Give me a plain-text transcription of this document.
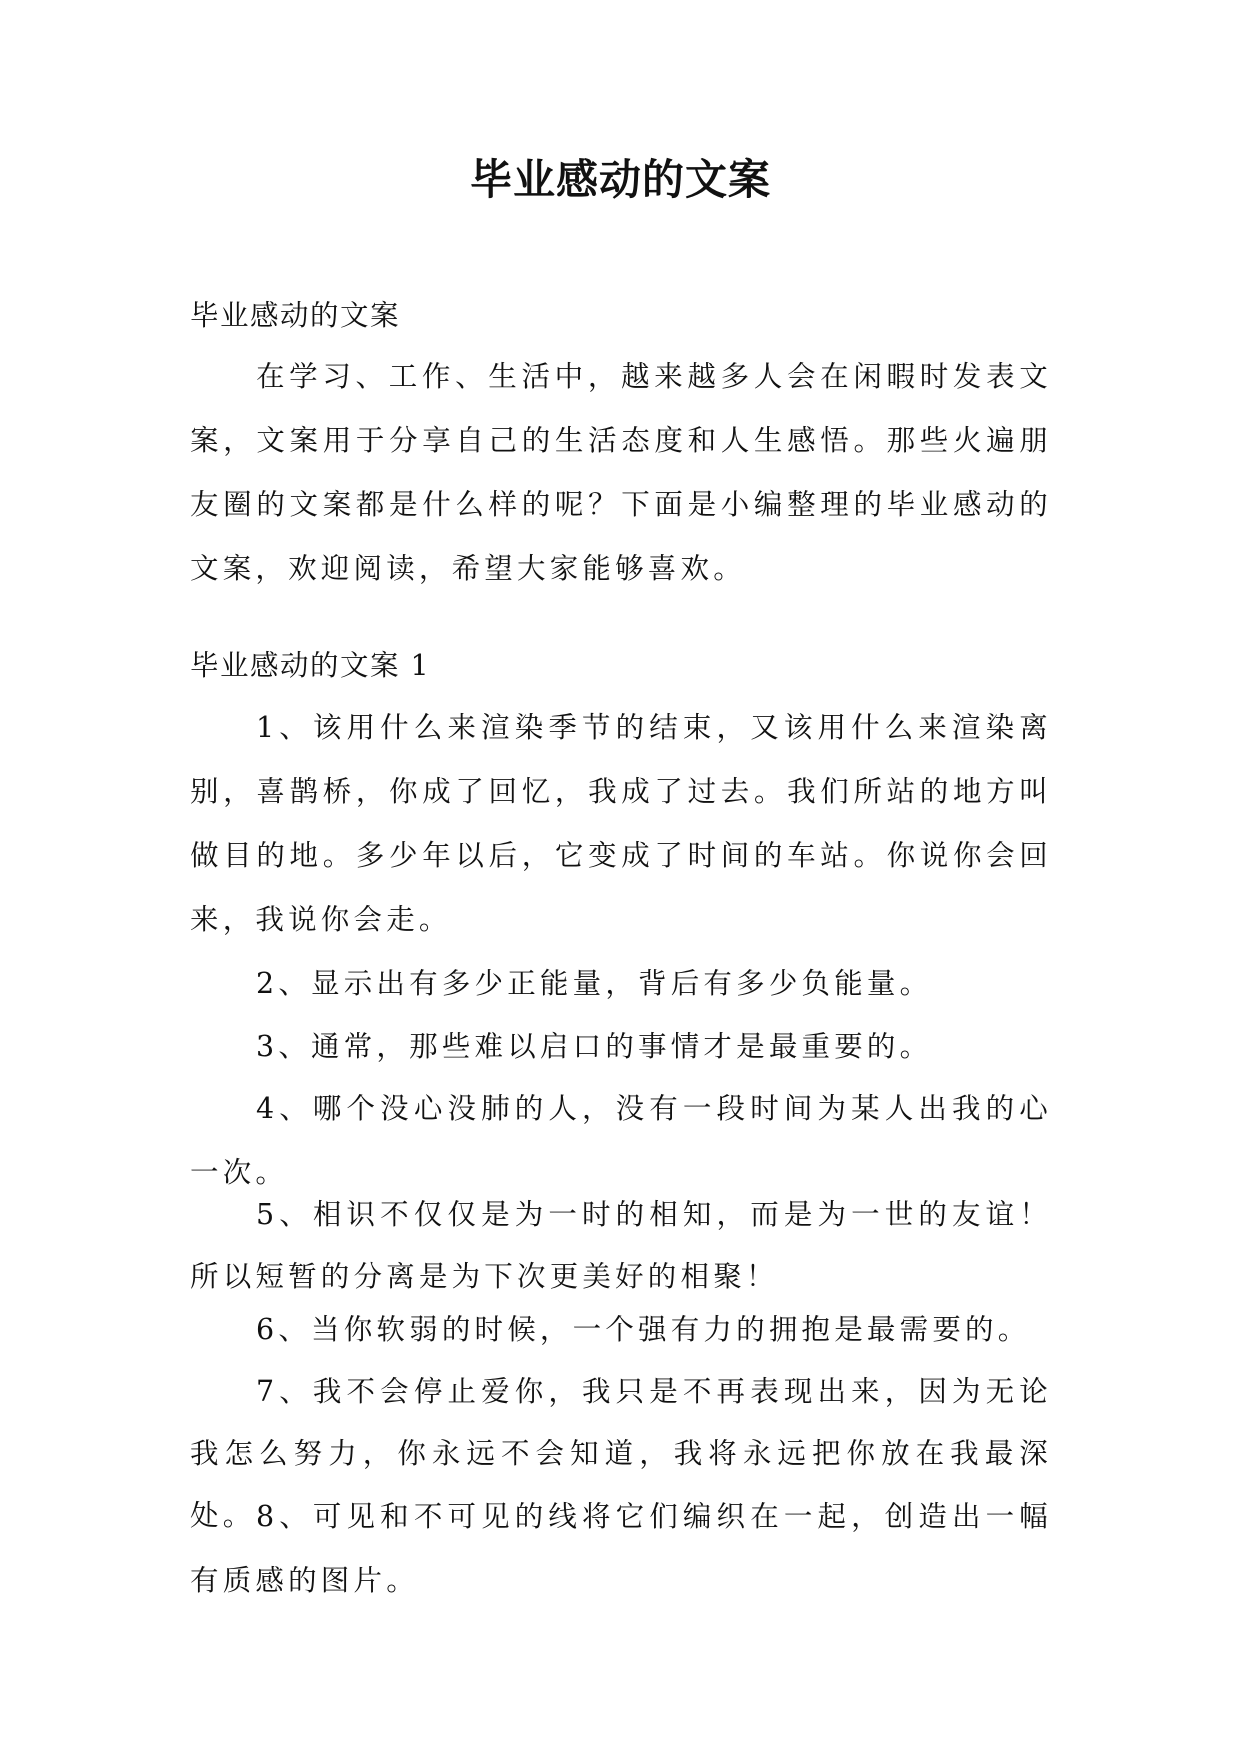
毕业感动的文案

毕业感动的文案

在学习、工作、生活中，越来越多人会在闲暇时发表文案，文案用于分享自己的生活态度和人生感悟。那些火遍朋友圈的文案都是什么样的呢？下面是小编整理的毕业感动的文案，欢迎阅读，希望大家能够喜欢。

毕业感动的文案 1

1、该用什么来渲染季节的结束，又该用什么来渲染离别，喜鹊桥，你成了回忆，我成了过去。我们所站的地方叫做目的地。多少年以后，它变成了时间的车站。你说你会回来，我说你会走。

2、显示出有多少正能量，背后有多少负能量。

3、通常，那些难以启口的事情才是最重要的。

4、哪个没心没肺的人，没有一段时间为某人出我的心一次。

5、相识不仅仅是为一时的相知，而是为一世的友谊！所以短暂的分离是为下次更美好的相聚！

6、当你软弱的时候，一个强有力的拥抱是最需要的。

7、我不会停止爱你，我只是不再表现出来，因为无论我怎么努力，你永远不会知道，我将永远把你放在我最深处。 8、可见和不可见的线将它们编织在一起，创造出一幅有质感的图片。
